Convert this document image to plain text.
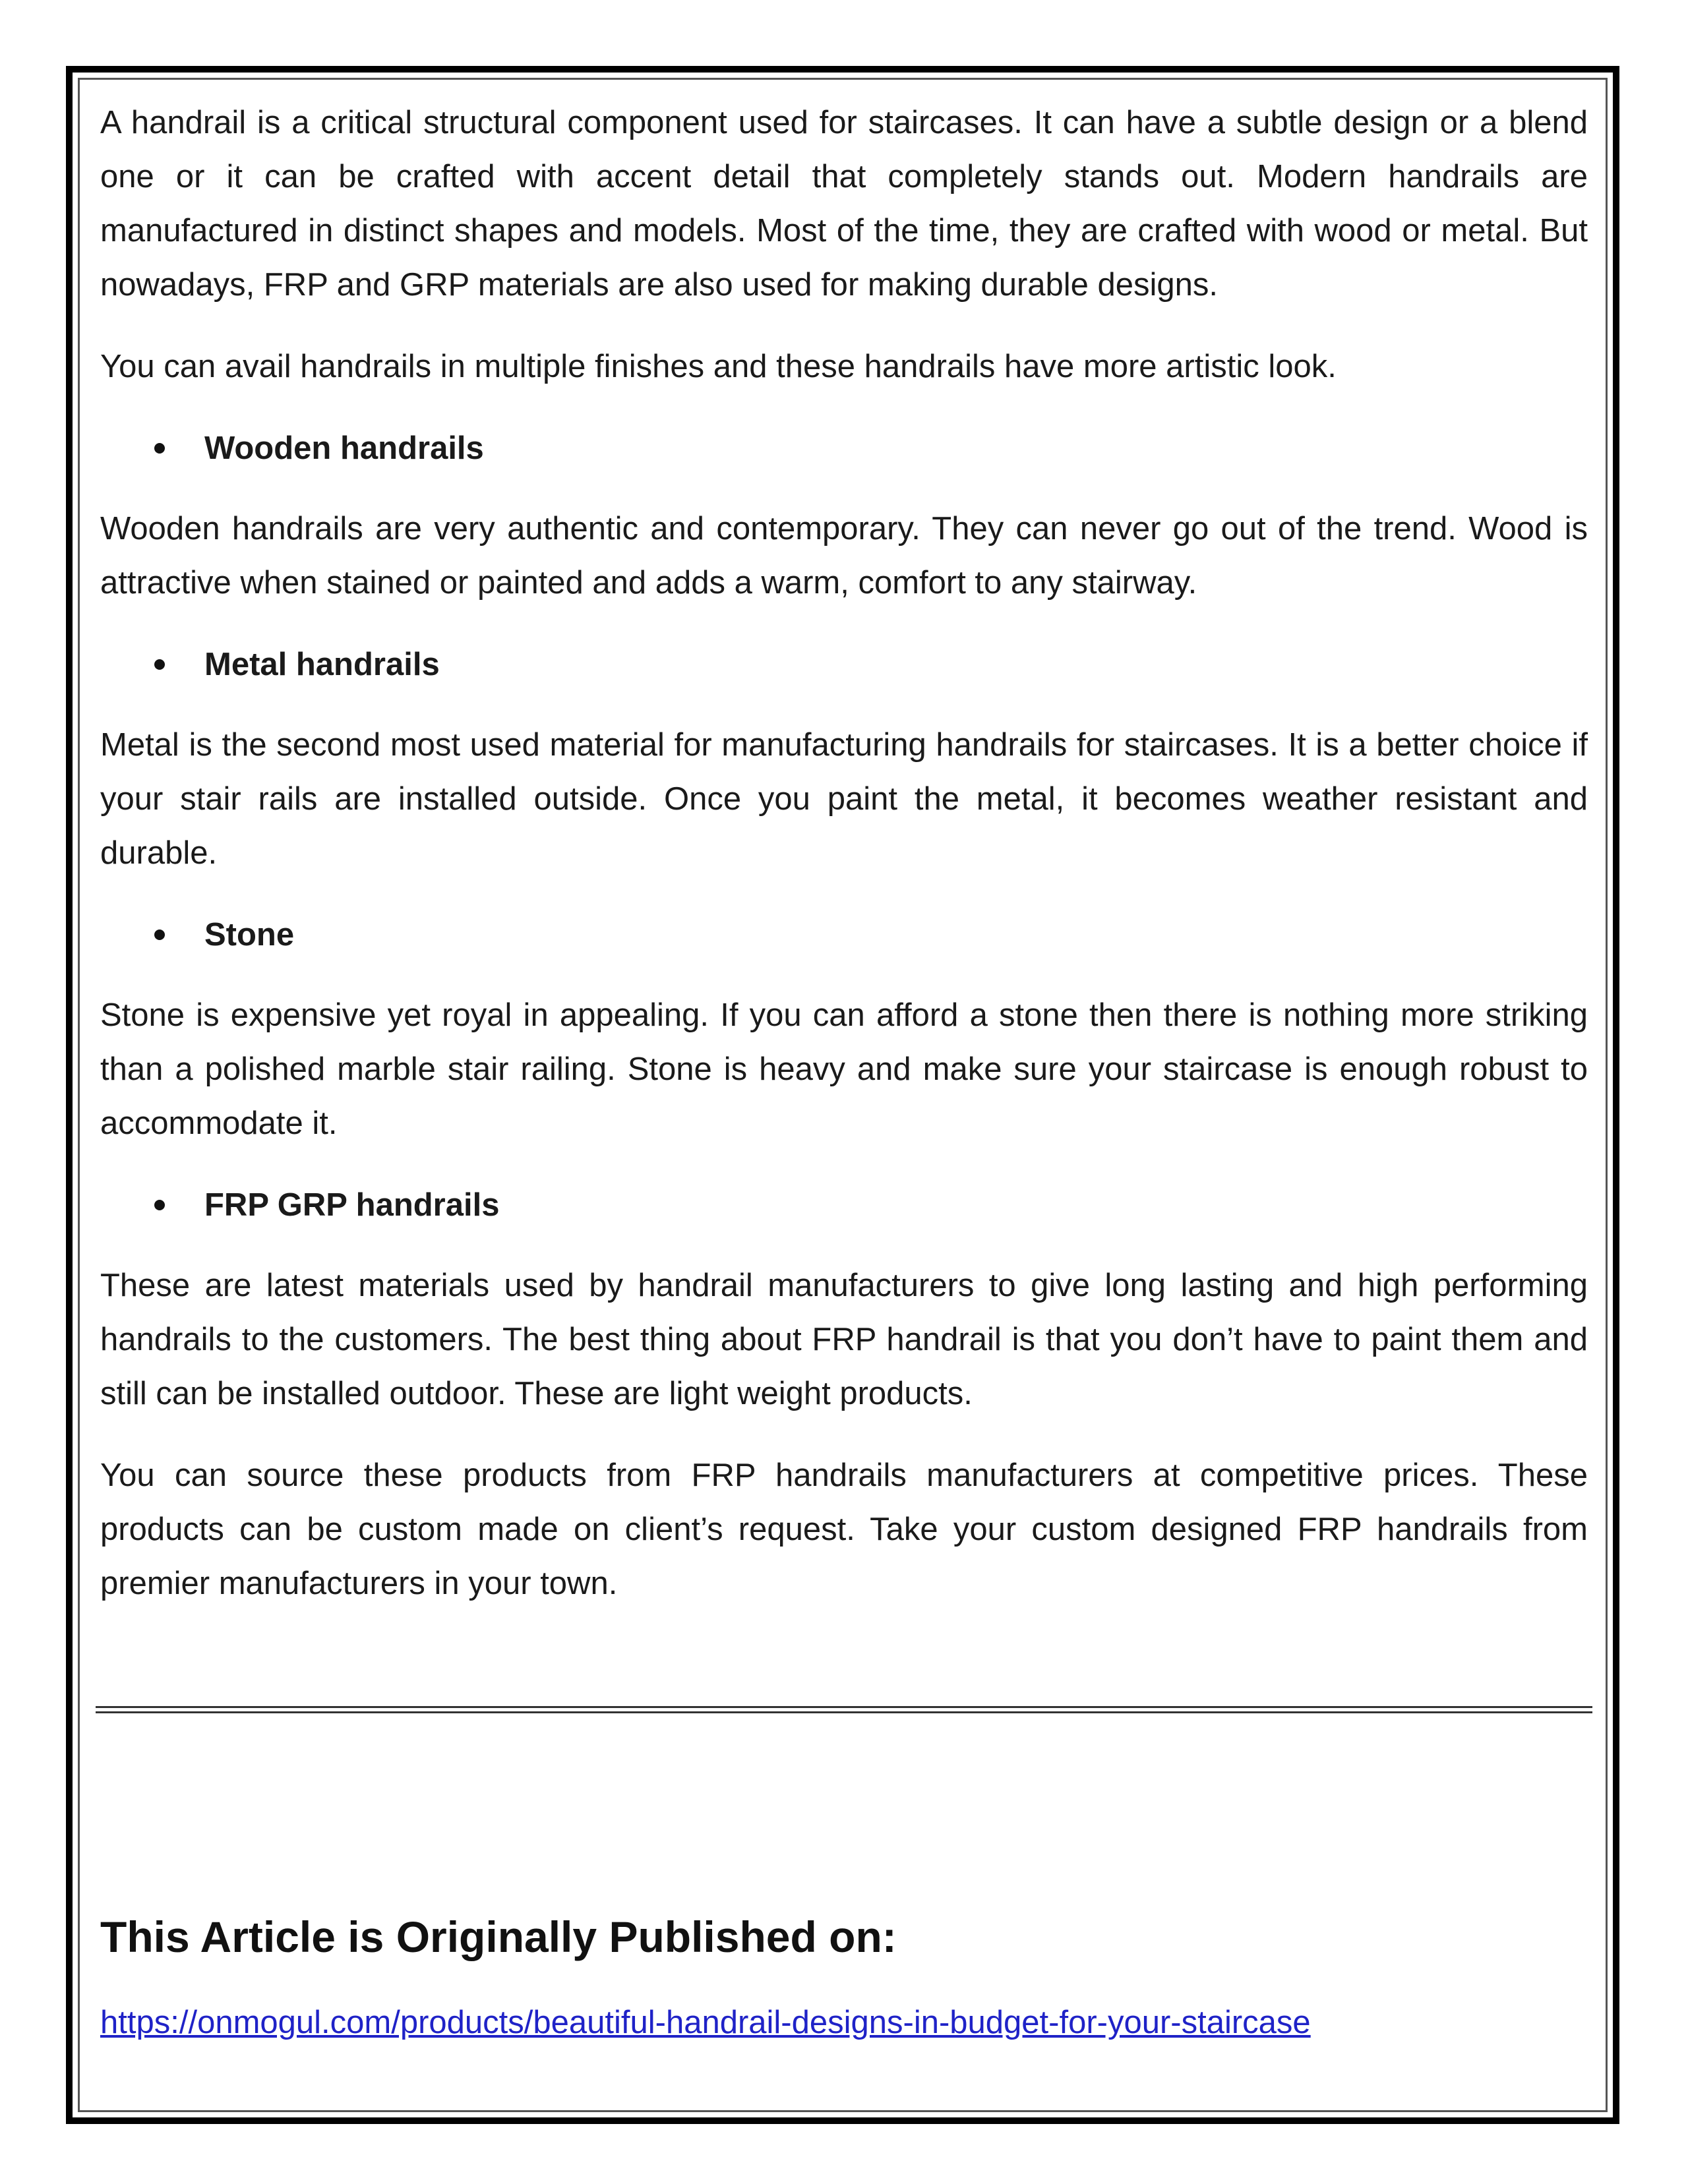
A handrail is a critical structural component used for staircases. It can have a subtle design or a blend one or it can be crafted with accent detail that completely stands out. Modern handrails are manufactured in distinct shapes and models. Most of the time, they are crafted with wood or metal. But nowadays, FRP and GRP materials are also used for making durable designs.

You can avail handrails in multiple finishes and these handrails have more artistic look.

Wooden handrails

Wooden handrails are very authentic and contemporary. They can never go out of the trend. Wood is attractive when stained or painted and adds a warm, comfort to any stairway.

Metal handrails

Metal is the second most used material for manufacturing handrails for staircases. It is a better choice if your stair rails are installed outside. Once you paint the metal, it becomes weather resistant and durable.

Stone

Stone is expensive yet royal in appealing. If you can afford a stone then there is nothing more striking than a polished marble stair railing. Stone is heavy and make sure your staircase is enough robust to accommodate it.

FRP GRP handrails

These are latest materials used by handrail manufacturers to give long lasting and high performing handrails to the customers. The best thing about FRP handrail is that you don’t have to paint them and still can be installed outdoor. These are light weight products.

You can source these products from FRP handrails manufacturers at competitive prices. These products can be custom made on client’s request. Take your custom designed FRP handrails from premier manufacturers in your town.

This Article is Originally Published on:
https://onmogul.com/products/beautiful-handrail-designs-in-budget-for-your-staircase
